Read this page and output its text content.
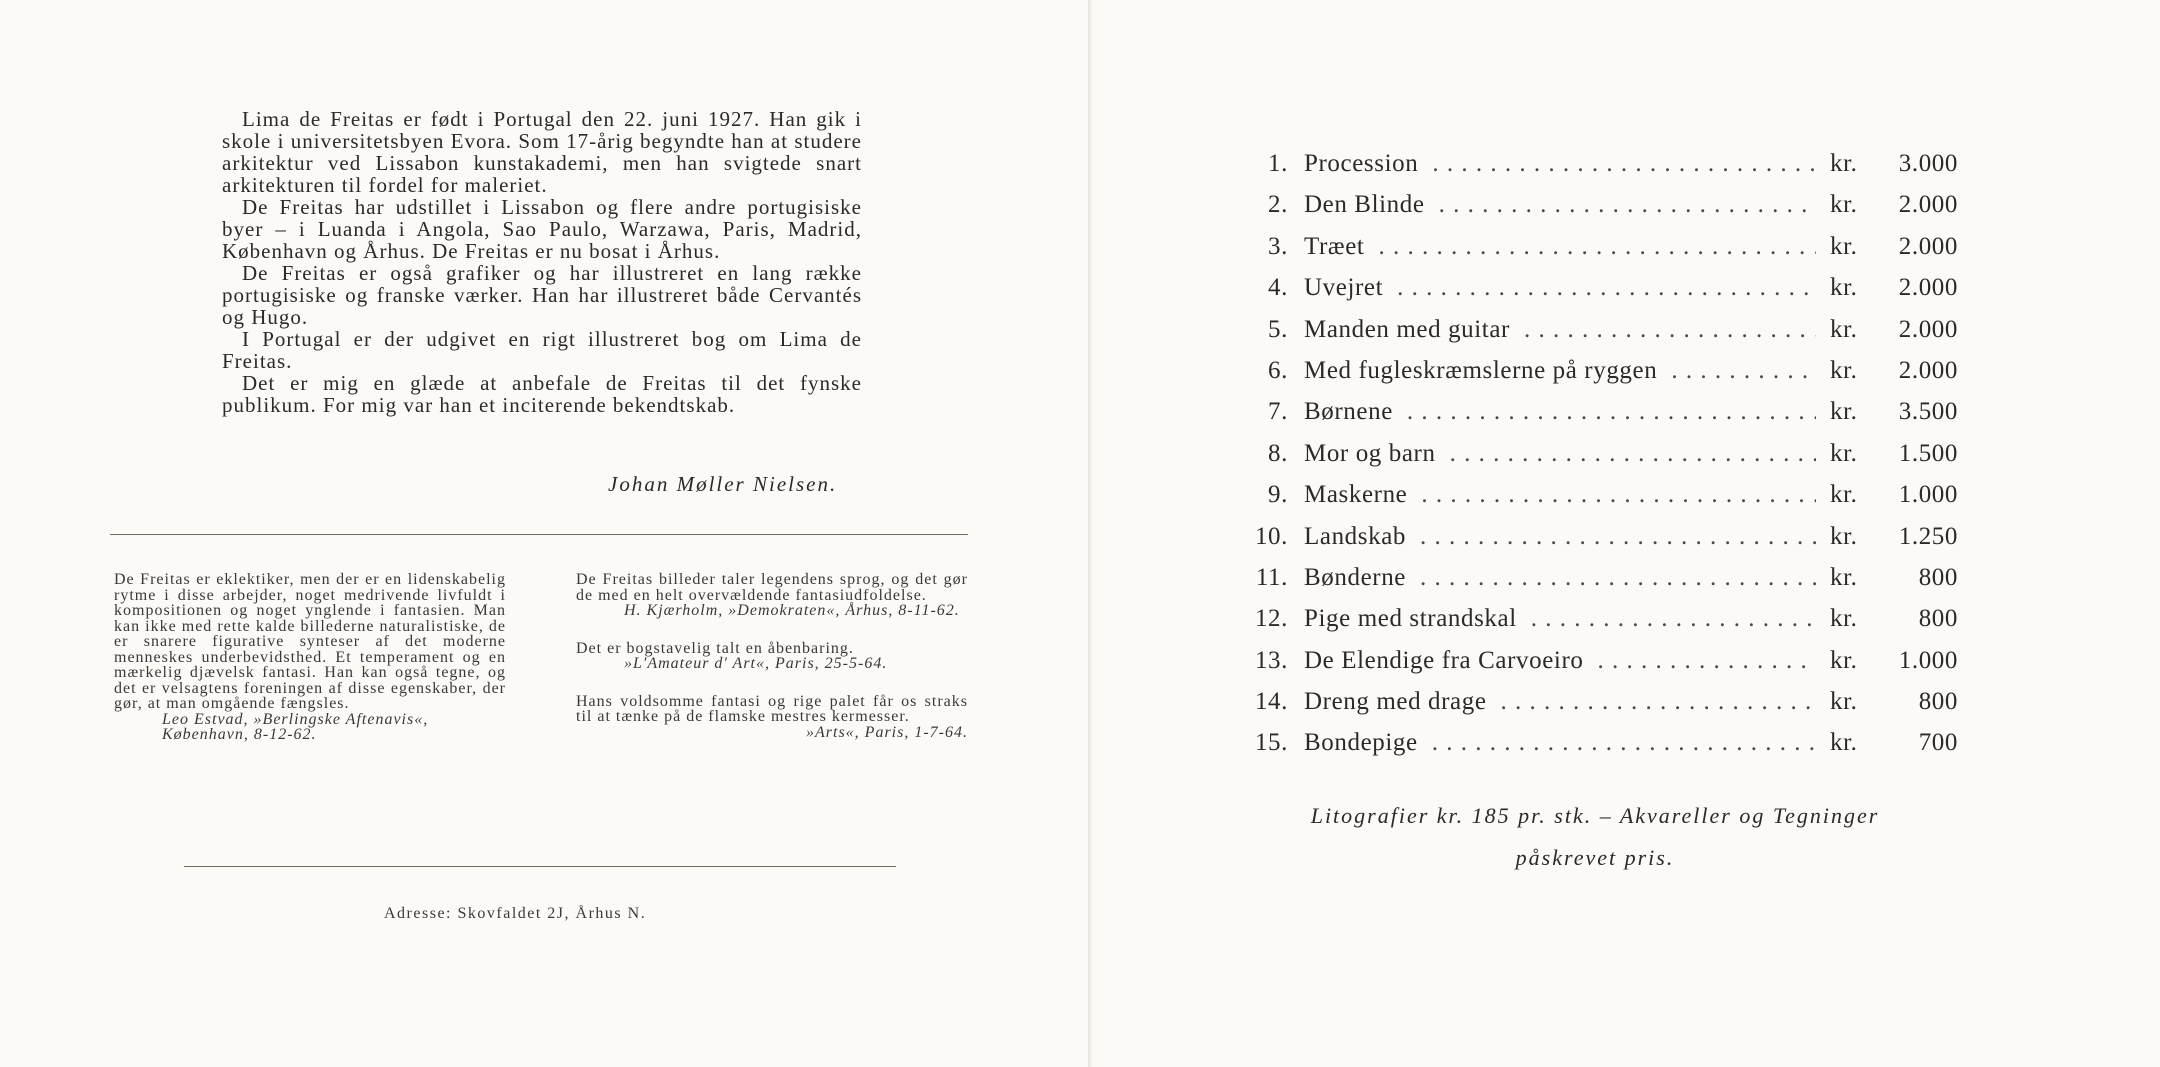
Lima de Freitas er født i Portugal den 22. juni 1927. Han gik i skole i universitetsbyen Evora. Som 17-årig begyndte han at studere arkitektur ved Lissabon kunstakademi, men han svigtede snart arkitekturen til fordel for maleriet.

De Freitas har udstillet i Lissabon og flere andre portugisiske byer – i Luanda i Angola, Sao Paulo, Warzawa, Paris, Madrid, København og Århus. De Freitas er nu bosat i Århus.

De Freitas er også grafiker og har illustreret en lang række portugisiske og franske værker. Han har illustreret både Cervantés og Hugo.

I Portugal er der udgivet en rigt illustreret bog om Lima de Freitas.

Det er mig en glæde at anbefale de Freitas til det fynske publikum. For mig var han et inciterende bekendtskab.

Johan Møller Nielsen.
De Freitas er eklektiker, men der er en lidenskabelig rytme i disse arbejder, noget medrivende livfuldt i kompositionen og noget ynglende i fantasien. Man kan ikke med rette kalde billederne naturalistiske, de er snarere figurative synteser af det moderne menneskes underbevidsthed. Et temperament og en mærkelig djævelsk fantasi. Han kan også tegne, og det er velsagtens foreningen af disse egenskaber, der gør, at man omgående fængsles.
Leo Estvad, »Berlingske Aftenavis«, København, 8-12-62.
De Freitas billeder taler legendens sprog, og det gør de med en helt overvældende fantasiudfoldelse.
H. Kjærholm, »Demokraten«, Århus, 8-11-62.
Det er bogstavelig talt en åbenbaring.
»L'Amateur d' Art«, Paris, 25-5-64.
Hans voldsomme fantasi og rige palet får os straks til at tænke på de flamske mestres kermesser.
»Arts«, Paris, 1-7-64.
Adresse: Skovfaldet 2J, Århus N.
1. Procession . . .	kr.	3.000
2. Den Blinde . . .	kr.	2.000
3. Træet . . .	kr.	2.000
4. Uvejret . . .	kr.	2.000
5. Manden med guitar . . .	kr.	2.000
6. Med fugleskræmslerne på ryggen . . .	kr.	2.000
7. Børnene . . .	kr.	3.500
8. Mor og barn . . .	kr.	1.500
9. Maskerne . . .	kr.	1.000
10. Landskab . . .	kr.	1.250
11. Bønderne . . .	kr.	800
12. Pige med strandskal . . .	kr.	800
13. De Elendige fra Carvoeiro . . .	kr.	1.000
14. Dreng med drage . . .	kr.	800
15. Bondepige . . .	kr.	700
Litografier kr. 185 pr. stk. – Akvareller og Tegninger
påskrevet pris.
